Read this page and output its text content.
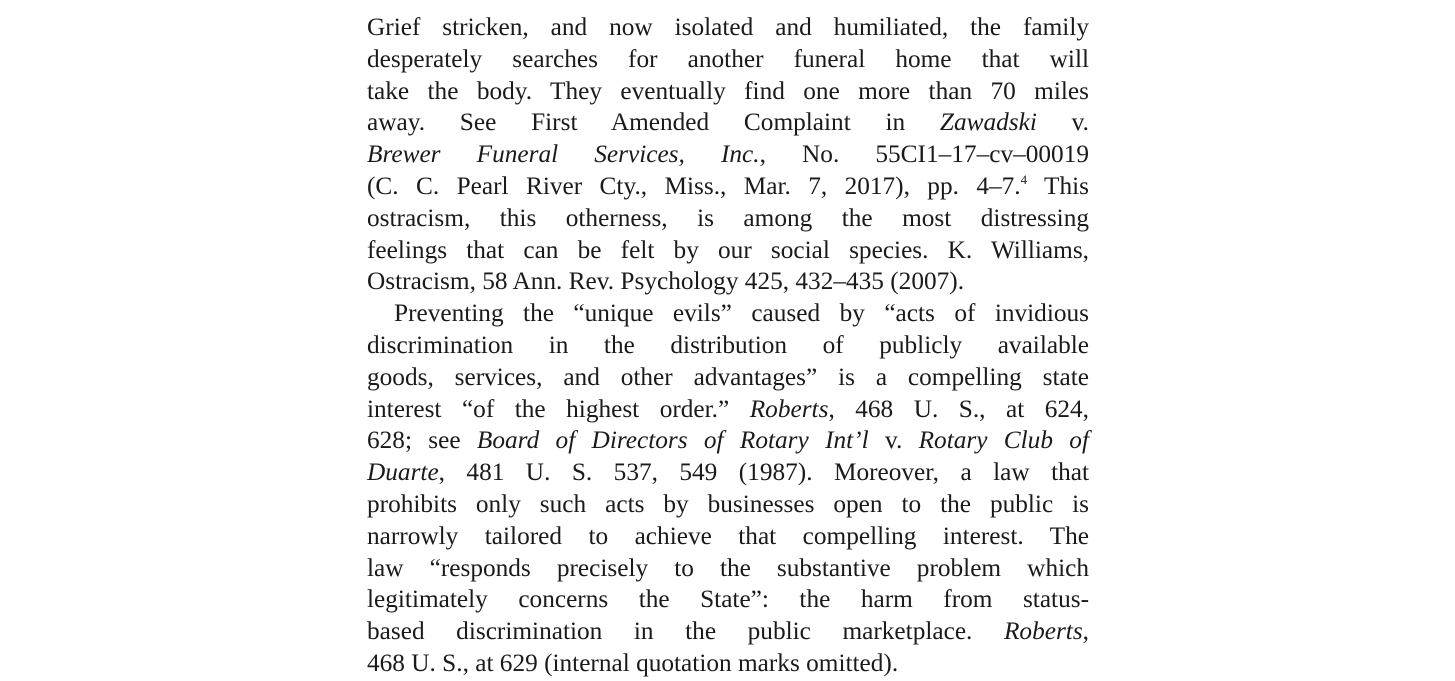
Grief stricken, and now isolated and humiliated, the family
desperately searches for another funeral home that will
take the body. They eventually find one more than 70 miles
away. See First Amended Complaint in Zawadski v.
Brewer Funeral Services, Inc., No. 55CI1–17–cv–00019
(C. C. Pearl River Cty., Miss., Mar. 7, 2017), pp. 4–7.$^4$ This
ostracism, this otherness, is among the most distressing
feelings that can be felt by our social species. K. Williams,
Ostracism, 58 Ann. Rev. Psychology 425, 432–435 (2007).
Preventing the “unique evils” caused by “acts of invidious
discrimination in the distribution of publicly available
goods, services, and other advantages” is a compelling state
interest “of the highest order.” Roberts, 468 U. S., at 624,
628; see Board of Directors of Rotary Int’l v. Rotary Club of
Duarte, 481 U. S. 537, 549 (1987). Moreover, a law that
prohibits only such acts by businesses open to the public is
narrowly tailored to achieve that compelling interest. The
law “responds precisely to the substantive problem which
legitimately concerns the State”: the harm from status-
based discrimination in the public marketplace. Roberts,
468 U. S., at 629 (internal quotation marks omitted).
